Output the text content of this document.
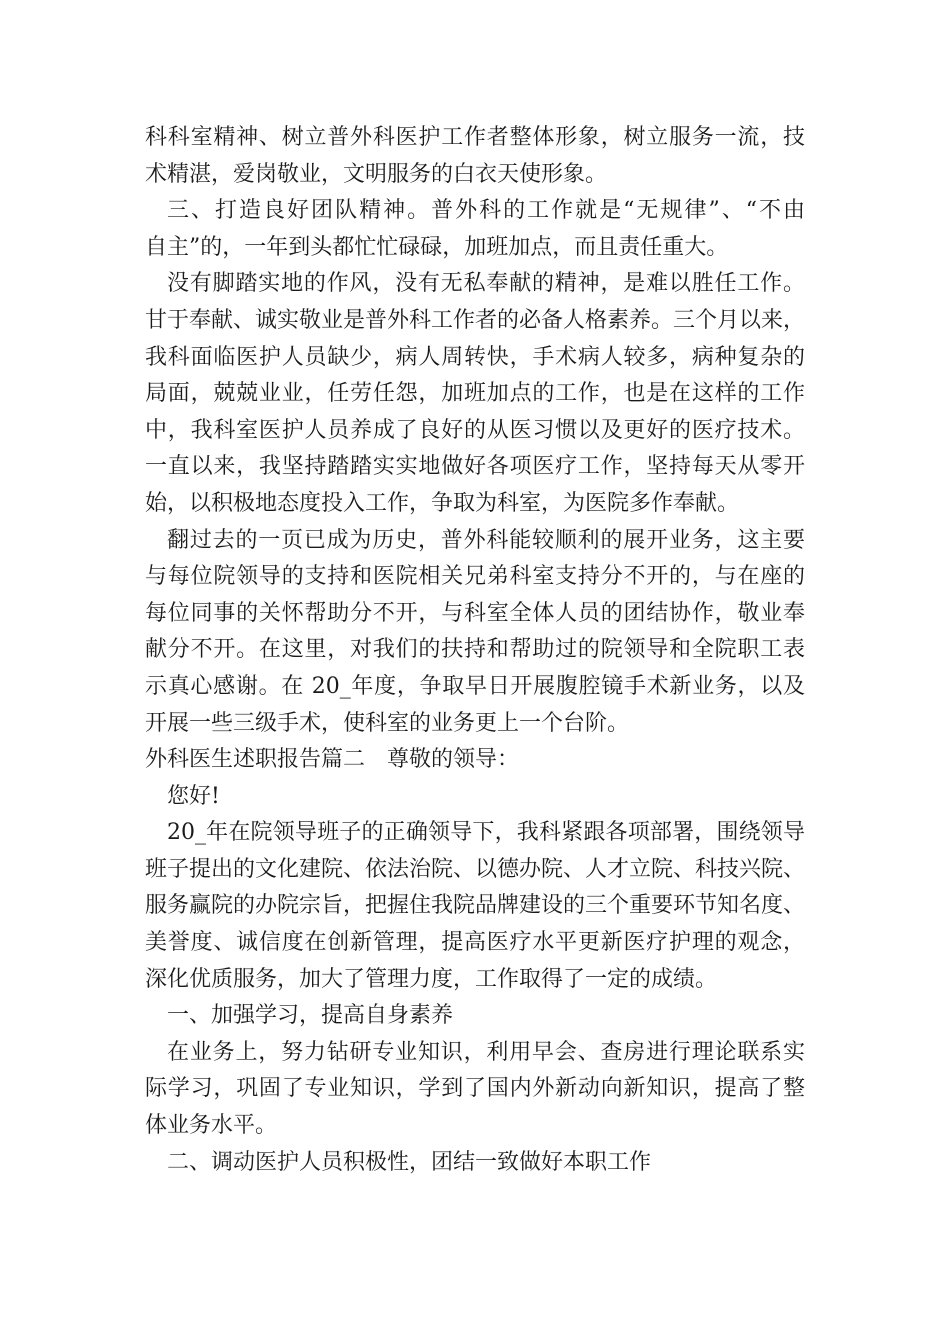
科科室精神、树立普外科医护工作者整体形象，树立服务一流，技
术精湛，爱岗敬业，文明服务的白衣天使形象。
三、打造良好团队精神。普外科的工作就是“无规律”、“不由
自主”的，一年到头都忙忙碌碌，加班加点，而且责任重大。
没有脚踏实地的作风，没有无私奉献的精神，是难以胜任工作。
甘于奉献、诚实敬业是普外科工作者的必备人格素养。三个月以来，
我科面临医护人员缺少，病人周转快，手术病人较多，病种复杂的
局面，兢兢业业，任劳任怨，加班加点的工作，也是在这样的工作
中，我科室医护人员养成了良好的从医习惯以及更好的医疗技术。
一直以来，我坚持踏踏实实地做好各项医疗工作，坚持每天从零开
始，以积极地态度投入工作，争取为科室，为医院多作奉献。
翻过去的一页已成为历史，普外科能较顺利的展开业务，这主要
与每位院领导的支持和医院相关兄弟科室支持分不开的，与在座的
每位同事的关怀帮助分不开，与科室全体人员的团结协作，敬业奉
献分不开。在这里，对我们的扶持和帮助过的院领导和全院职工表
示真心感谢。在 20_年度，争取早日开展腹腔镜手术新业务，以及
开展一些三级手术，使科室的业务更上一个台阶。
外科医生述职报告篇二　尊敬的领导：
您好!
20_年在院领导班子的正确领导下，我科紧跟各项部署，围绕领导
班子提出的文化建院、依法治院、以德办院、人才立院、科技兴院、
服务赢院的办院宗旨，把握住我院品牌建设的三个重要环节知名度、
美誉度、诚信度在创新管理，提高医疗水平更新医疗护理的观念，
深化优质服务，加大了管理力度，工作取得了一定的成绩。
一、加强学习，提高自身素养
在业务上，努力钻研专业知识，利用早会、查房进行理论联系实
际学习，巩固了专业知识，学到了国内外新动向新知识，提高了整
体业务水平。
二、调动医护人员积极性，团结一致做好本职工作
